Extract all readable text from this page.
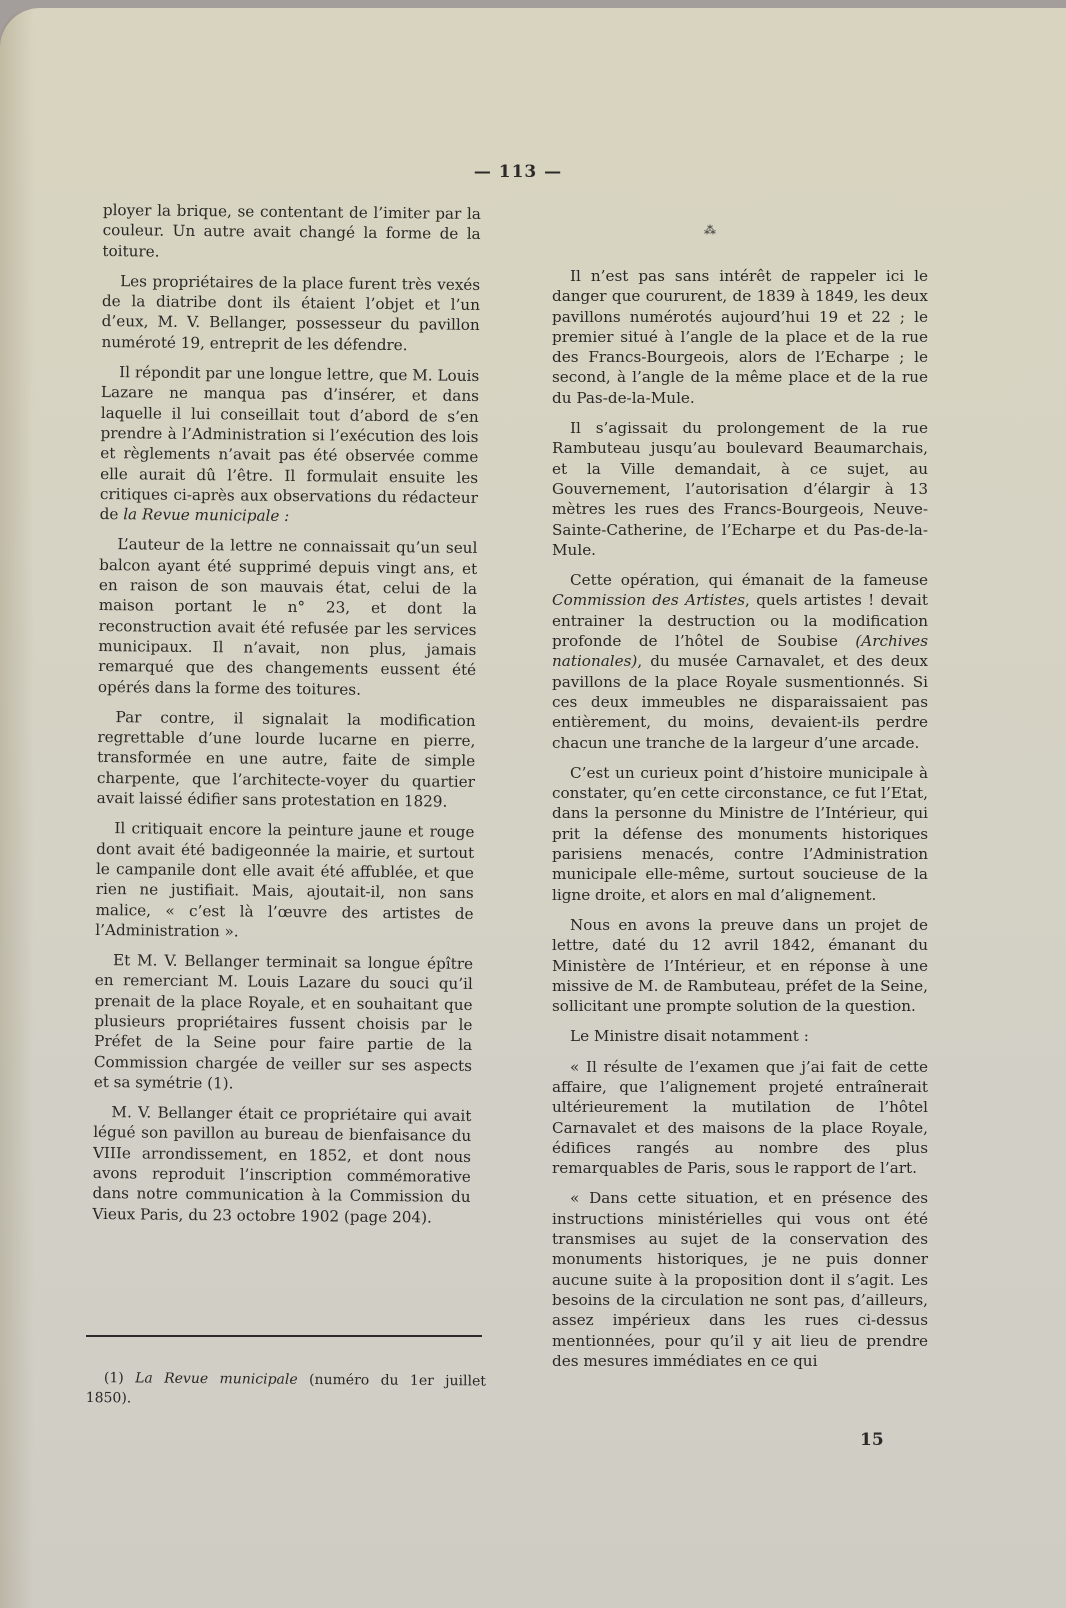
— 113 —

ployer la brique, se contentant de l’imiter par la couleur. Un autre avait changé la forme de la toiture.

Les propriétaires de la place furent très vexés de la diatribe dont ils étaient l’objet et l’un d’eux, M. V. Bellanger, possesseur du pavillon numéroté 19, entreprit de les défendre.

Il répondit par une longue lettre, que M. Louis Lazare ne manqua pas d’insérer, et dans laquelle il lui conseillait tout d’abord de s’en prendre à l’Administration si l’exécution des lois et règlements n’avait pas été observée comme elle aurait dû l’être. Il formulait ensuite les critiques ci-après aux observations du rédacteur de la Revue municipale :

L’auteur de la lettre ne connaissait qu’un seul balcon ayant été supprimé depuis vingt ans, et en raison de son mauvais état, celui de la maison portant le n° 23, et dont la reconstruction avait été refusée par les services municipaux. Il n’avait, non plus, jamais remarqué que des changements eussent été opérés dans la forme des toitures.

Par contre, il signalait la modification regrettable d’une lourde lucarne en pierre, transformée en une autre, faite de simple charpente, que l’architecte-voyer du quartier avait laissé édifier sans protestation en 1829.

Il critiquait encore la peinture jaune et rouge dont avait été badigeonnée la mairie, et surtout le campanile dont elle avait été affublée, et que rien ne justifiait. Mais, ajoutait-il, non sans malice, « c’est là l’œuvre des artistes de l’Administration ».

Et M. V. Bellanger terminait sa longue épître en remerciant M. Louis Lazare du souci qu’il prenait de la place Royale, et en souhaitant que plusieurs propriétaires fussent choisis par le Préfet de la Seine pour faire partie de la Commission chargée de veiller sur ses aspects et sa symétrie (1).

M. V. Bellanger était ce propriétaire qui avait légué son pavillon au bureau de bienfaisance du VIIIe arrondissement, en 1852, et dont nous avons reproduit l’inscription commémorative dans notre communication à la Commission du Vieux Paris, du 23 octobre 1902 (page 204).

⁂

Il n’est pas sans intérêt de rappeler ici le danger que coururent, de 1839 à 1849, les deux pavillons numérotés aujourd’hui 19 et 22 ; le premier situé à l’angle de la place et de la rue des Francs-Bourgeois, alors de l’Echarpe ; le second, à l’angle de la même place et de la rue du Pas-de-la-Mule.

Il s’agissait du prolongement de la rue Rambuteau jusqu’au boulevard Beaumarchais, et la Ville demandait, à ce sujet, au Gouvernement, l’autorisation d’élargir à 13 mètres les rues des Francs-Bourgeois, Neuve-Sainte-Catherine, de l’Echarpe et du Pas-de-la-Mule.

Cette opération, qui émanait de la fameuse Commission des Artistes, quels artistes ! devait entrainer la destruction ou la modification profonde de l’hôtel de Soubise (Archives nationales), du musée Carnavalet, et des deux pavillons de la place Royale susmentionnés. Si ces deux immeubles ne disparaissaient pas entièrement, du moins, devaient-ils perdre chacun une tranche de la largeur d’une arcade.

C’est un curieux point d’histoire municipale à constater, qu’en cette circonstance, ce fut l’Etat, dans la personne du Ministre de l’Intérieur, qui prit la défense des monuments historiques parisiens menacés, contre l’Administration municipale elle-même, surtout soucieuse de la ligne droite, et alors en mal d’alignement.

Nous en avons la preuve dans un projet de lettre, daté du 12 avril 1842, émanant du Ministère de l’Intérieur, et en réponse à une missive de M. de Rambuteau, préfet de la Seine, sollicitant une prompte solution de la question.

Le Ministre disait notamment :

« Il résulte de l’examen que j’ai fait de cette affaire, que l’alignement projeté entraînerait ultérieurement la mutilation de l’hôtel Carnavalet et des maisons de la place Royale, édifices rangés au nombre des plus remarquables de Paris, sous le rapport de l’art.

« Dans cette situation, et en présence des instructions ministérielles qui vous ont été transmises au sujet de la conservation des monuments historiques, je ne puis donner aucune suite à la proposition dont il s’agit. Les besoins de la circulation ne sont pas, d’ailleurs, assez impérieux dans les rues ci-dessus mentionnées, pour qu’il y ait lieu de prendre des mesures immédiates en ce qui

(1) La Revue municipale (numéro du 1er juillet 1850).

15
